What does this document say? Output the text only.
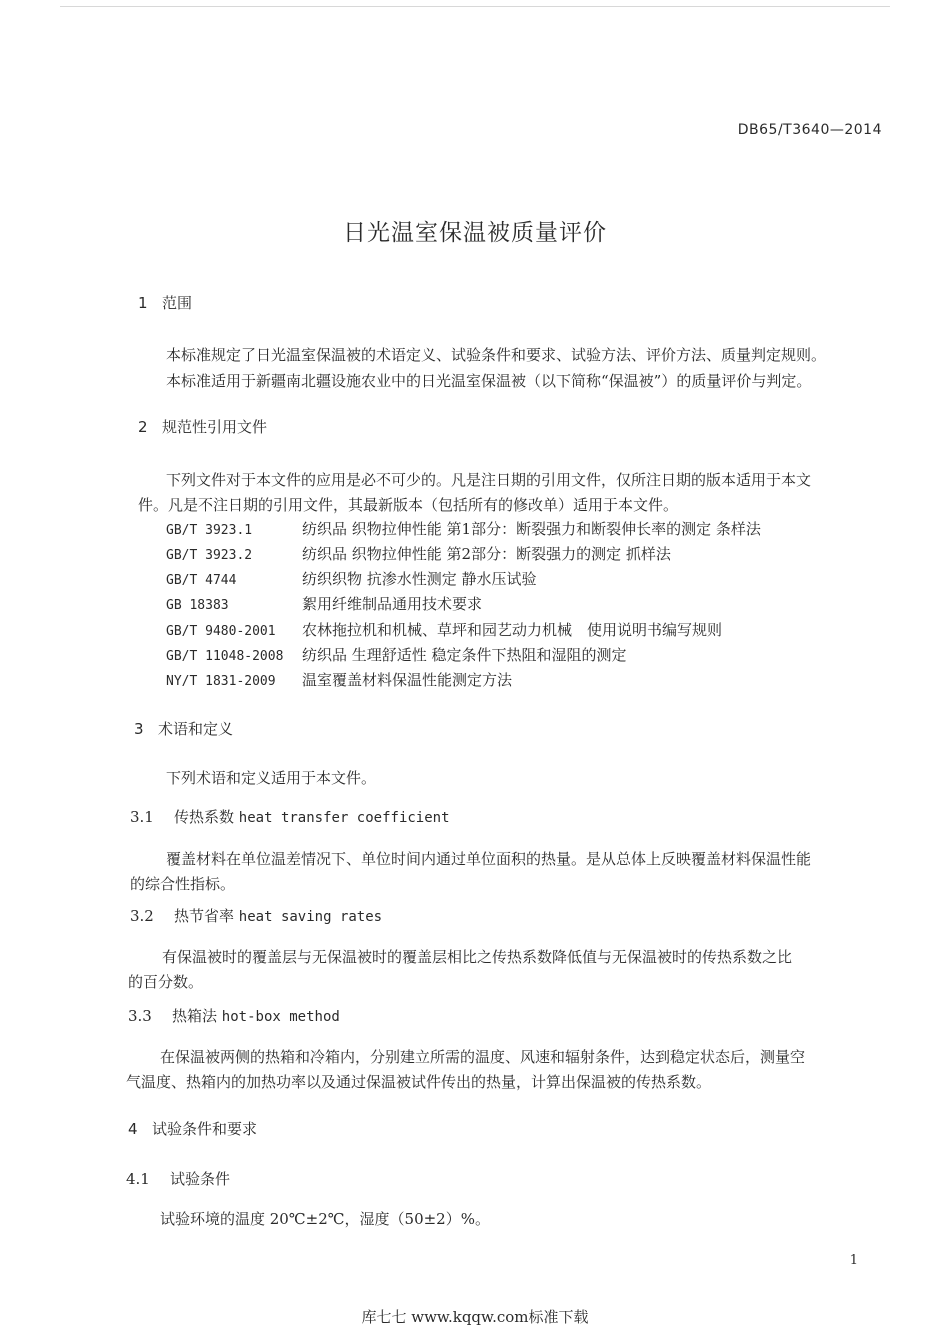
DB65/T3640—2014
日光温室保温被质量评价
1 范围
本标准规定了日光温室保温被的术语定义、试验条件和要求、试验方法、评价方法、质量判定规则。
本标准适用于新疆南北疆设施农业中的日光温室保温被（以下简称“保温被”）的质量评价与判定。
2 规范性引用文件
下列文件对于本文件的应用是必不可少的。凡是注日期的引用文件，仅所注日期的版本适用于本文
件。凡是不注日期的引用文件，其最新版本（包括所有的修改单）适用于本文件。
GB/T 3923.1	纺织品 织物拉伸性能 第1部分：断裂强力和断裂伸长率的测定 条样法
GB/T 3923.2	纺织品 织物拉伸性能 第2部分：断裂强力的测定 抓样法
GB/T 4744	纺织织物 抗渗水性测定 静水压试验
GB 18383	絮用纤维制品通用技术要求
GB/T 9480-2001 农林拖拉机和机械、草坪和园艺动力机械　使用说明书编写规则
GB/T 11048-2008 纺织品 生理舒适性 稳定条件下热阻和湿阻的测定
NY/T 1831-2009 温室覆盖材料保温性能测定方法
3 术语和定义
下列术语和定义适用于本文件。
3.1 传热系数 heat transfer coefficient
覆盖材料在单位温差情况下、单位时间内通过单位面积的热量。是从总体上反映覆盖材料保温性能
的综合性指标。
3.2 热节省率 heat saving rates
有保温被时的覆盖层与无保温被时的覆盖层相比之传热系数降低值与无保温被时的传热系数之比
的百分数。
3.3 热箱法 hot-box method
在保温被两侧的热箱和冷箱内，分别建立所需的温度、风速和辐射条件，达到稳定状态后，测量空
气温度、热箱内的加热功率以及通过保温被试件传出的热量，计算出保温被的传热系数。
4 试验条件和要求
4.1 试验条件
试验环境的温度 20℃±2℃，湿度（50±2）%。
1
库七七 www.kqqw.com标准下载
